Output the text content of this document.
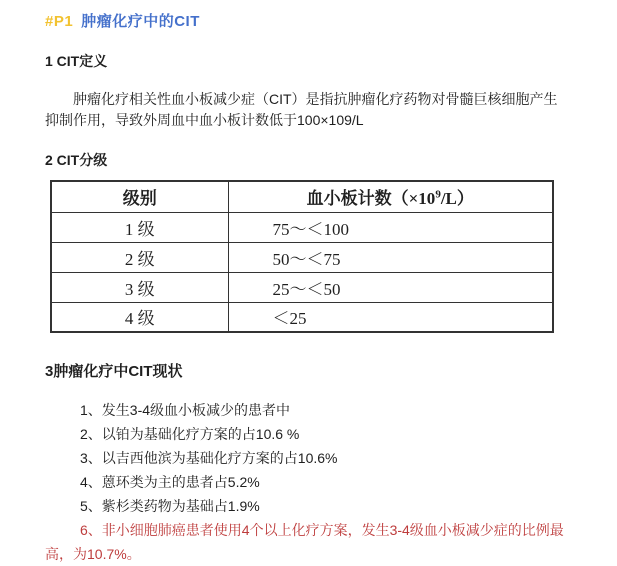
#P1 肿瘤化疗中的CIT
1 CIT定义

肿瘤化疗相关性血小板减少症（CIT）是指抗肿瘤化疗药物对骨髓巨核细胞产生抑制作用，导致外周血中血小板计数低于100×109/L

2 CIT分级
级别	血小板计数$(\times 10^9/L)$
1 级	75～＜100
2 级	50～＜75
3 级	25～＜50
4 级	＜25
3肿瘤化疗中CIT现状
1、发生3-4级血小板减少的患者中
2、以铂为基础化疗方案的占10.6 %
3、以吉西他滨为基础化疗方案的占10.6%
4、蒽环类为主的患者占5.2%
5、紫杉类药物为基础占1.9%
6、非小细胞肺癌患者使用4个以上化疗方案，发生3-4级血小板减少症的比例最高，为10.7%。
